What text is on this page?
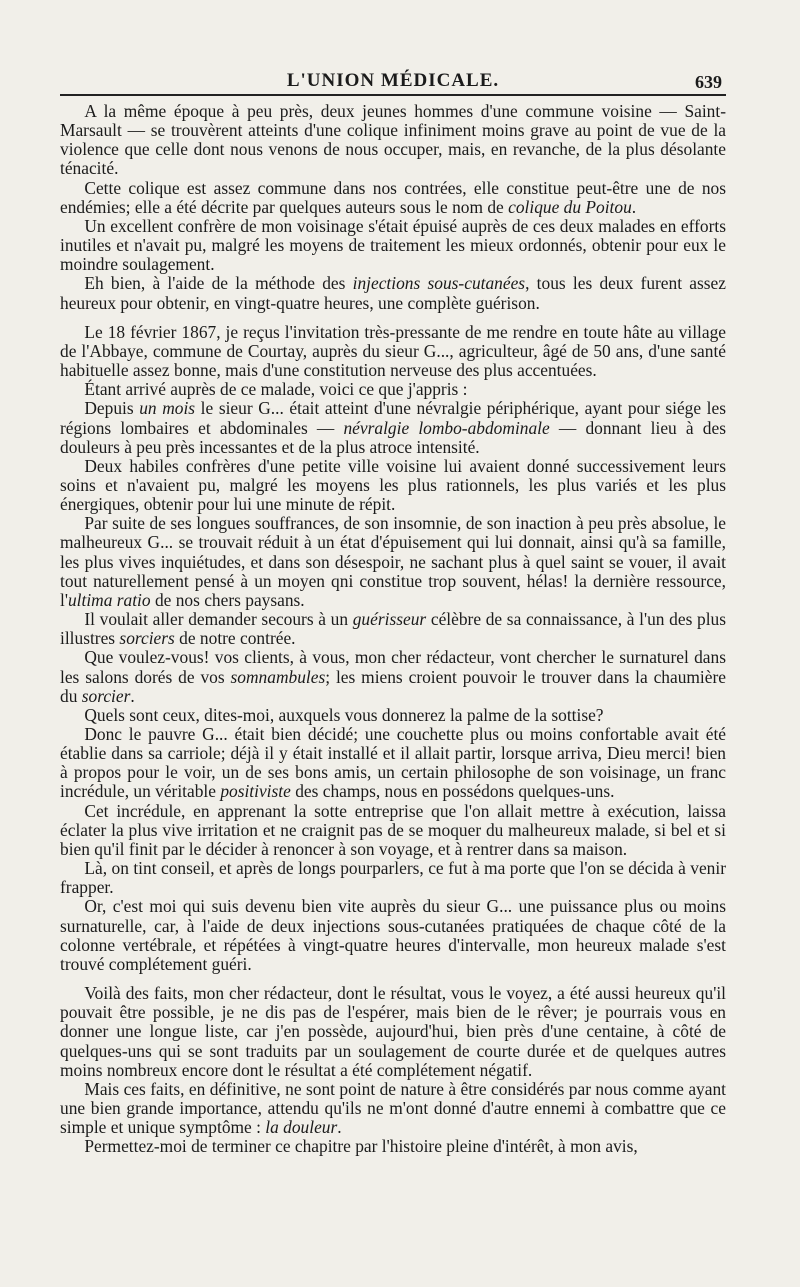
L'UNION MÉDICALE.	639

A la même époque à peu près, deux jeunes hommes d'une commune voisine — Saint-Marsault — se trouvèrent atteints d'une colique infiniment moins grave au point de vue de la violence que celle dont nous venons de nous occuper, mais, en revanche, de la plus désolante ténacité.

Cette colique est assez commune dans nos contrées, elle constitue peut-être une de nos endémies; elle a été décrite par quelques auteurs sous le nom de colique du Poitou.

Un excellent confrère de mon voisinage s'était épuisé auprès de ces deux malades en efforts inutiles et n'avait pu, malgré les moyens de traitement les mieux ordonnés, obtenir pour eux le moindre soulagement.

Eh bien, à l'aide de la méthode des injections sous-cutanées, tous les deux furent assez heureux pour obtenir, en vingt-quatre heures, une complète guérison.

Le 18 février 1867, je reçus l'invitation très-pressante de me rendre en toute hâte au village de l'Abbaye, commune de Courtay, auprès du sieur G..., agriculteur, âgé de 50 ans, d'une santé habituelle assez bonne, mais d'une constitution nerveuse des plus accentuées.

Étant arrivé auprès de ce malade, voici ce que j'appris :

Depuis un mois le sieur G... était atteint d'une névralgie périphérique, ayant pour siége les régions lombaires et abdominales — névralgie lombo-abdominale — donnant lieu à des douleurs à peu près incessantes et de la plus atroce intensité.

Deux habiles confrères d'une petite ville voisine lui avaient donné successivement leurs soins et n'avaient pu, malgré les moyens les plus rationnels, les plus variés et les plus énergiques, obtenir pour lui une minute de répit.

Par suite de ses longues souffrances, de son insomnie, de son inaction à peu près absolue, le malheureux G... se trouvait réduit à un état d'épuisement qui lui donnait, ainsi qu'à sa famille, les plus vives inquiétudes, et dans son désespoir, ne sachant plus à quel saint se vouer, il avait tout naturellement pensé à un moyen qni constitue trop souvent, hélas! la dernière ressource, l'ultima ratio de nos chers paysans.

Il voulait aller demander secours à un guérisseur célèbre de sa connaissance, à l'un des plus illustres sorciers de notre contrée.

Que voulez-vous! vos clients, à vous, mon cher rédacteur, vont chercher le surnaturel dans les salons dorés de vos somnambules; les miens croient pouvoir le trouver dans la chaumière du sorcier.

Quels sont ceux, dites-moi, auxquels vous donnerez la palme de la sottise?

Donc le pauvre G... était bien décidé; une couchette plus ou moins confortable avait été établie dans sa carriole; déjà il y était installé et il allait partir, lorsque arriva, Dieu merci! bien à propos pour le voir, un de ses bons amis, un certain philosophe de son voisinage, un franc incrédule, un véritable positiviste des champs, nous en possédons quelques-uns.

Cet incrédule, en apprenant la sotte entreprise que l'on allait mettre à exécution, laissa éclater la plus vive irritation et ne craignit pas de se moquer du malheureux malade, si bel et si bien qu'il finit par le décider à renoncer à son voyage, et à rentrer dans sa maison.

Là, on tint conseil, et après de longs pourparlers, ce fut à ma porte que l'on se décida à venir frapper.

Or, c'est moi qui suis devenu bien vite auprès du sieur G... une puissance plus ou moins surnaturelle, car, à l'aide de deux injections sous-cutanées pratiquées de chaque côté de la colonne vertébrale, et répétées à vingt-quatre heures d'intervalle, mon heureux malade s'est trouvé complétement guéri.

Voilà des faits, mon cher rédacteur, dont le résultat, vous le voyez, a été aussi heureux qu'il pouvait être possible, je ne dis pas de l'espérer, mais bien de le rêver; je pourrais vous en donner une longue liste, car j'en possède, aujourd'hui, bien près d'une centaine, à côté de quelques-uns qui se sont traduits par un soulagement de courte durée et de quelques autres moins nombreux encore dont le résultat a été complétement négatif.

Mais ces faits, en définitive, ne sont point de nature à être considérés par nous comme ayant une bien grande importance, attendu qu'ils ne m'ont donné d'autre ennemi à combattre que ce simple et unique symptôme : la douleur.

Permettez-moi de terminer ce chapitre par l'histoire pleine d'intérêt, à mon avis,
